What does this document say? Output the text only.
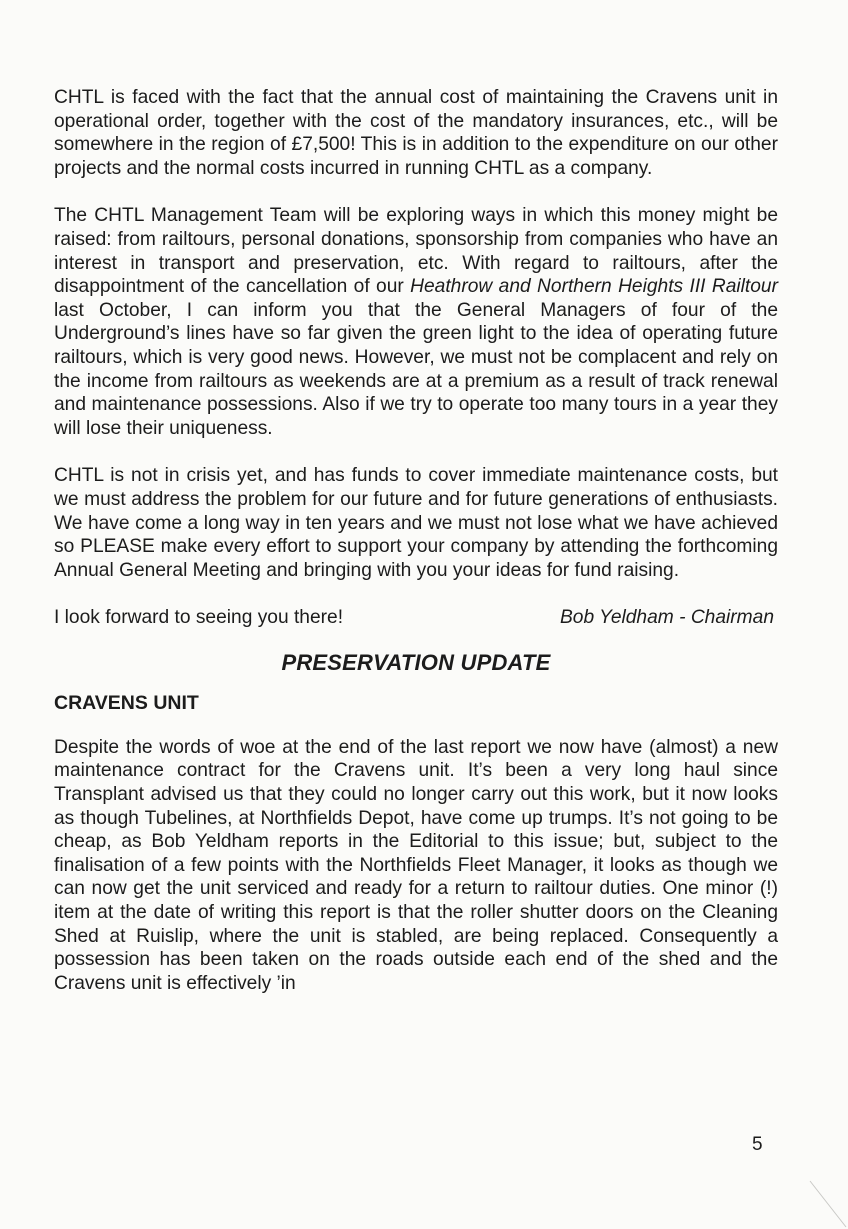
CHTL is faced with the fact that the annual cost of maintaining the Cravens unit in operational order, together with the cost of the mandatory insurances, etc., will be somewhere in the region of £7,500! This is in addition to the expenditure on our other projects and the normal costs incurred in running CHTL as a company.

The CHTL Management Team will be exploring ways in which this money might be raised: from railtours, personal donations, sponsorship from companies who have an interest in transport and preservation, etc. With regard to railtours, after the disappointment of the cancellation of our Heathrow and Northern Heights III Railtour last October, I can inform you that the General Managers of four of the Underground’s lines have so far given the green light to the idea of operating future railtours, which is very good news. However, we must not be complacent and rely on the income from railtours as weekends are at a premium as a result of track renewal and maintenance possessions. Also if we try to operate too many tours in a year they will lose their uniqueness.

CHTL is not in crisis yet, and has funds to cover immediate maintenance costs, but we must address the problem for our future and for future generations of enthusiasts. We have come a long way in ten years and we must not lose what we have achieved so PLEASE make every effort to support your company by attending the forthcoming Annual General Meeting and bringing with you your ideas for fund raising.

I look forward to seeing you there!	Bob Yeldham - Chairman
PRESERVATION UPDATE
CRAVENS UNIT

Despite the words of woe at the end of the last report we now have (almost) a new maintenance contract for the Cravens unit. It’s been a very long haul since Transplant advised us that they could no longer carry out this work, but it now looks as though Tubelines, at Northfields Depot, have come up trumps. It’s not going to be cheap, as Bob Yeldham reports in the Editorial to this issue; but, subject to the finalisation of a few points with the Northfields Fleet Manager, it looks as though we can now get the unit serviced and ready for a return to railtour duties. One minor (!) item at the date of writing this report is that the roller shutter doors on the Cleaning Shed at Ruislip, where the unit is stabled, are being replaced. Consequently a possession has been taken on the roads outside each end of the shed and the Cravens unit is effectively ’in

5
